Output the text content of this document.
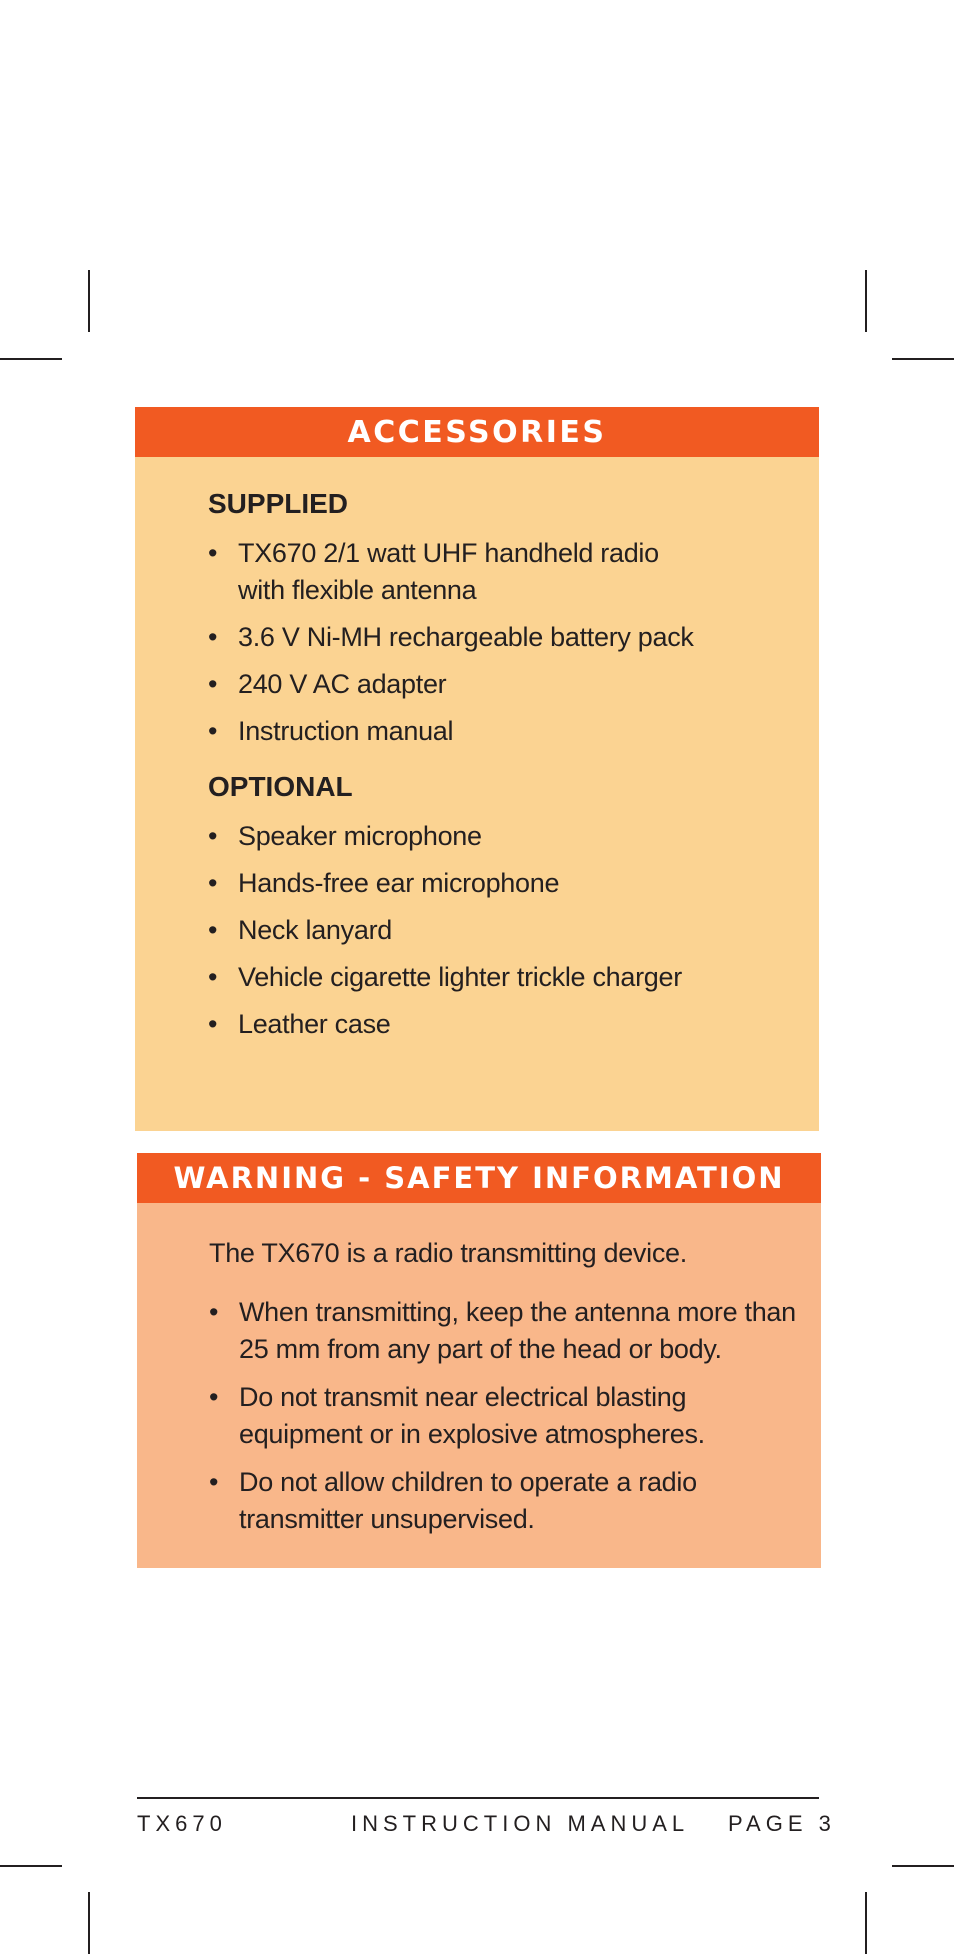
ACCESSORIES
SUPPLIED
• TX670 2/1 watt UHF handheld radio with flexible antenna
• 3.6 V Ni-MH rechargeable battery pack
• 240 V AC adapter
• Instruction manual
OPTIONAL
• Speaker microphone
• Hands-free ear microphone
• Neck lanyard
• Vehicle cigarette lighter trickle charger
• Leather case
WARNING - SAFETY INFORMATION

The TX670 is a radio transmitting device.

• When transmitting, keep the antenna more than 25 mm from any part of the head or body.
• Do not transmit near electrical blasting equipment or in explosive atmospheres.
• Do not allow children to operate a radio transmitter unsupervised.
TX670	INSTRUCTION MANUAL PAGE 3
